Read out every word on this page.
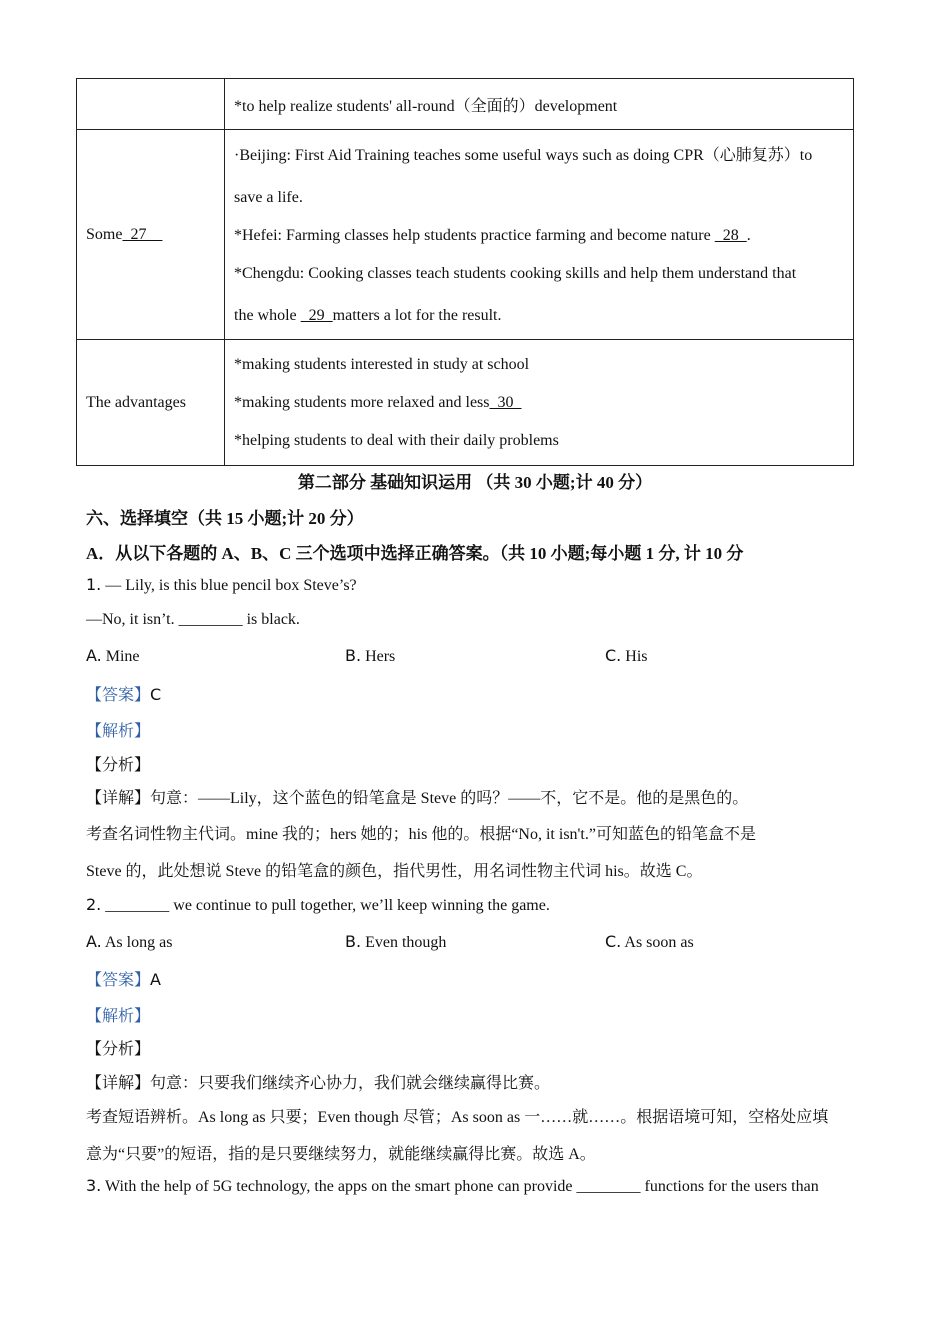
	*to help realize students' all-round（全面的）development

Some  27	·Beijing: First Aid Training teaches some useful ways such as doing CPR（心肺复苏）to
save a life.
*Hefei: Farming classes help students practice farming and become nature   28  .
*Chengdu: Cooking classes teach students cooking skills and help them understand that
the whole   29  matters a lot for the result.

The advantages	*making students interested in study at school
*making students more relaxed and less  30
*helping students to deal with their daily problems
第二部分 基础知识运用 （共 30 小题;计 40 分）
六、选择填空（共 15 小题;计 20 分）
A．从以下各题的 A、B、C 三个选项中选择正确答案。（共 10 小题;每小题 1 分, 计 10 分
1. — Lily, is this blue pencil box Steve’s?
—No, it isn’t. ________ is black.
A. Mine	B. Hers	C. His
【答案】C
【解析】
【分析】
【详解】句意：——Lily，这个蓝色的铅笔盒是 Steve 的吗？——不，它不是。他的是黑色的。
考查名词性物主代词。mine 我的；hers 她的；his 他的。根据“No, it isn't.”可知蓝色的铅笔盒不是
Steve 的，此处想说 Steve 的铅笔盒的颜色，指代男性，用名词性物主代词 his。故选 C。
2. ________ we continue to pull together, we’ll keep winning the game.
A. As long as	B. Even though	C. As soon as
【答案】A
【解析】
【分析】
【详解】句意：只要我们继续齐心协力，我们就会继续赢得比赛。
考查短语辨析。As long as 只要；Even though 尽管；As soon as 一……就……。根据语境可知，空格处应填
意为“只要”的短语，指的是只要继续努力，就能继续赢得比赛。故选 A。
3. With the help of 5G technology, the apps on the smart phone can provide ________ functions for the users than
